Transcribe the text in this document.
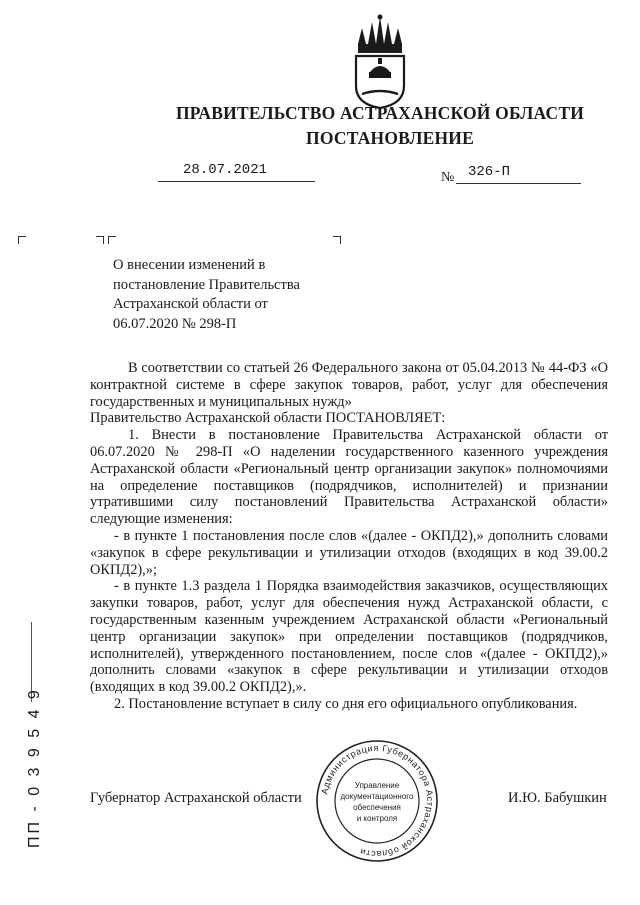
ПРАВИТЕЛЬСТВО АСТРАХАНСКОЙ ОБЛАСТИ
ПОСТАНОВЛЕНИЕ
28.07.2021	№ 326-П
О внесении изменений в постановление Правительства Астраханской области от 06.07.2020 № 298-П

В соответствии со статьей 26 Федерального закона от 05.04.2013 № 44-ФЗ «О контрактной системе в сфере закупок товаров, работ, услуг для обеспечения государственных и муниципальных нужд»

Правительство Астраханской области ПОСТАНОВЛЯЕТ:

1. Внести в постановление Правительства Астраханской области от 06.07.2020 № 298-П «О наделении государственного казенного учреждения Астраханской области «Региональный центр организации закупок» полномочиями на определение поставщиков (подрядчиков, исполнителей) и признании утратившими силу постановлений Правительства Астраханской области» следующие изменения:

- в пункте 1 постановления после слов «(далее - ОКПД2),» дополнить словами «закупок в сфере рекультивации и утилизации отходов (входящих в код 39.00.2 ОКПД2),»;

- в пункте 1.3 раздела 1 Порядка взаимодействия заказчиков, осуществляющих закупки товаров, работ, услуг для обеспечения нужд Астраханской области, с государственным казенным учреждением Астраханской области «Региональный центр организации закупок» при определении поставщиков (подрядчиков, исполнителей), утвержденного постановлением, после слов «(далее - ОКПД2),» дополнить словами «закупок в сфере рекультивации и утилизации отходов (входящих в код 39.00.2 ОКПД2),».

2. Постановление вступает в силу со дня его официального опубликования.

Администрация Губернатора Астраханской области
Управление
документационного
обеспечения
и контроля
Губернатор Астраханской области	И.Ю. Бабушкин
ПП - 0 3 9 5 4 9
